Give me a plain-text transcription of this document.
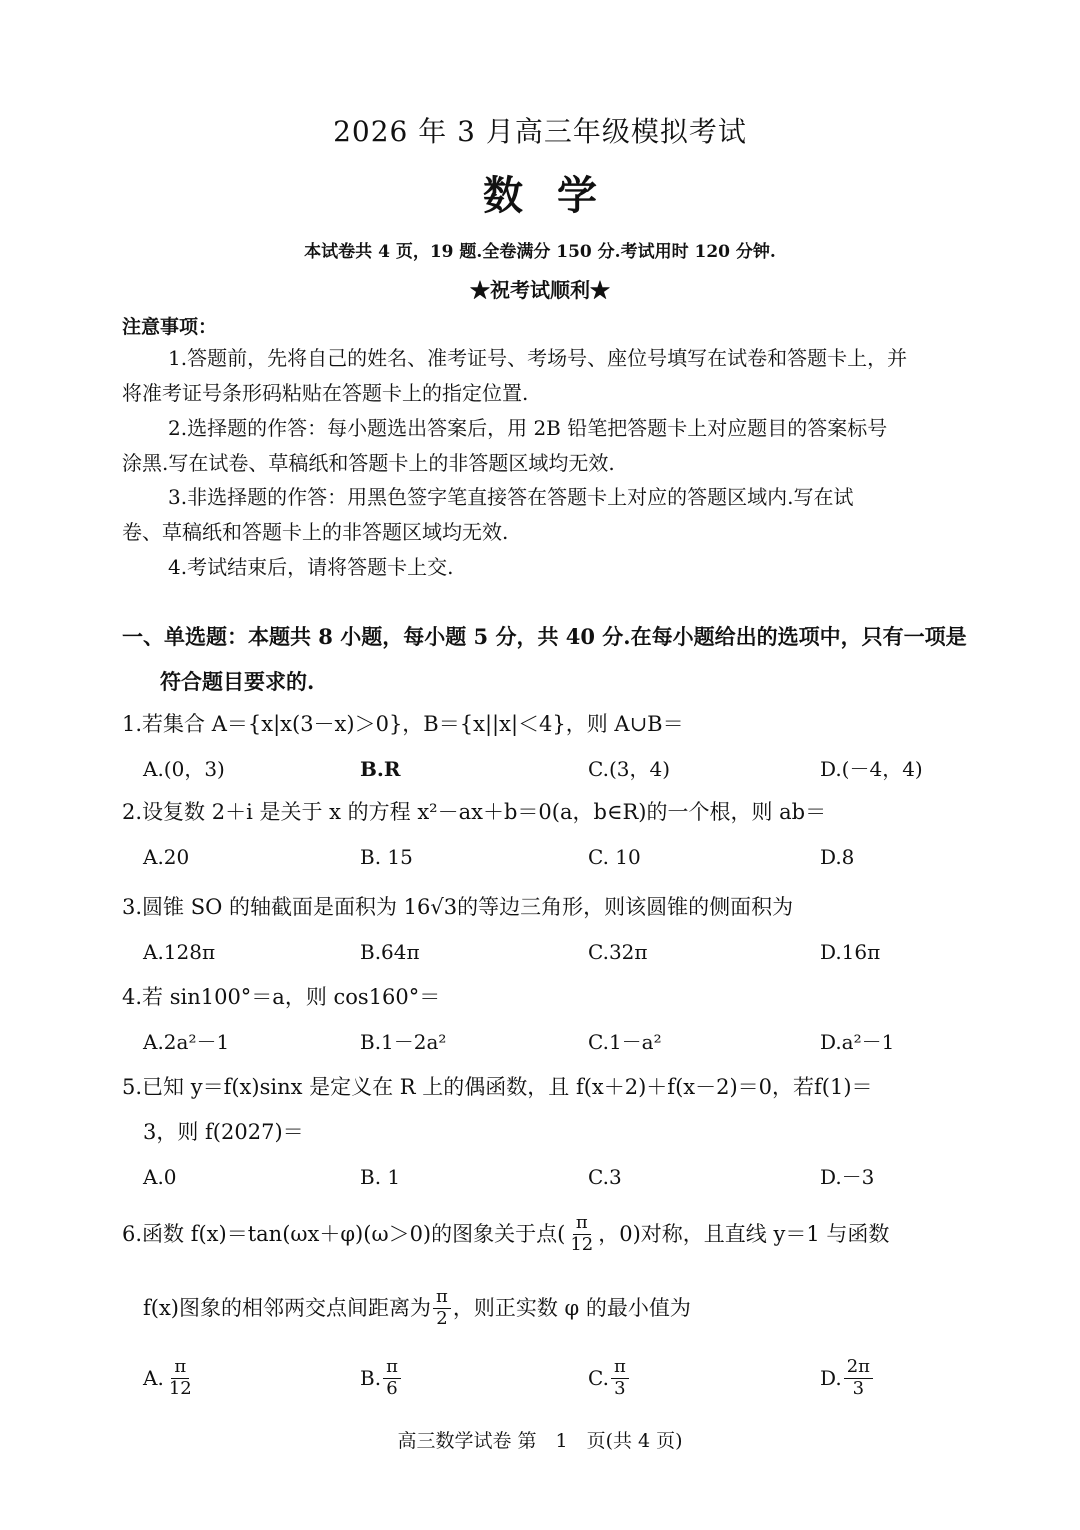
2026 年 3 月高三年级模拟考试
数学
本试卷共 4 页，19 题.全卷满分 150 分.考试用时 120 分钟.
★祝考试顺利★
注意事项：
1.答题前，先将自己的姓名、准考证号、考场号、座位号填写在试卷和答题卡上，并
将准考证号条形码粘贴在答题卡上的指定位置.
2.选择题的作答：每小题选出答案后，用 2B 铅笔把答题卡上对应题目的答案标号
涂黑.写在试卷、草稿纸和答题卡上的非答题区域均无效.
3.非选择题的作答：用黑色签字笔直接答在答题卡上对应的答题区域内.写在试
卷、草稿纸和答题卡上的非答题区域均无效.
4.考试结束后，请将答题卡上交.
一、单选题：本题共 8 小题，每小题 5 分，共 40 分.在每小题给出的选项中，只有一项是
符合题目要求的.
1.若集合 A＝{x|x(3－x)＞0}，B＝{x||x|＜4}，则 A∪B＝
A.(0，3)	B.R	C.(3，4)	D.(－4，4)
2.设复数 2＋i 是关于 x 的方程 x²－ax＋b＝0(a，b∈R)的一个根，则 ab＝
A.20	B. 15	C. 10	D.8
3.圆锥 SO 的轴截面是面积为 16√3的等边三角形，则该圆锥的侧面积为
A.128π	B.64π	C.32π	D.16π
4.若 sin100°＝a，则 cos160°＝
A.2a²－1	B.1－2a²	C.1－a²	D.a²－1
5.已知 y＝f(x)sinx 是定义在 R 上的偶函数，且 f(x＋2)＋f(x－2)＝0，若f(1)＝
3，则 f(2027)＝
A.0	B. 1	C.3	D.－3
6.函数 f(x)＝tan(ωx＋φ)(ω＞0)的图象关于点( $\frac{\pi}{12}$ ，0)对称，且直线 y＝1 与函数
f(x)图象的相邻两交点间距离为 $\frac{\pi}{2}$ ，则正实数 φ 的最小值为
A. $\frac{\pi}{12}$	B. $\frac{\pi}{6}$	C. $\frac{\pi}{3}$	D. $\frac{2\pi}{3}$
高三数学试卷 第　1　页(共 4 页)
